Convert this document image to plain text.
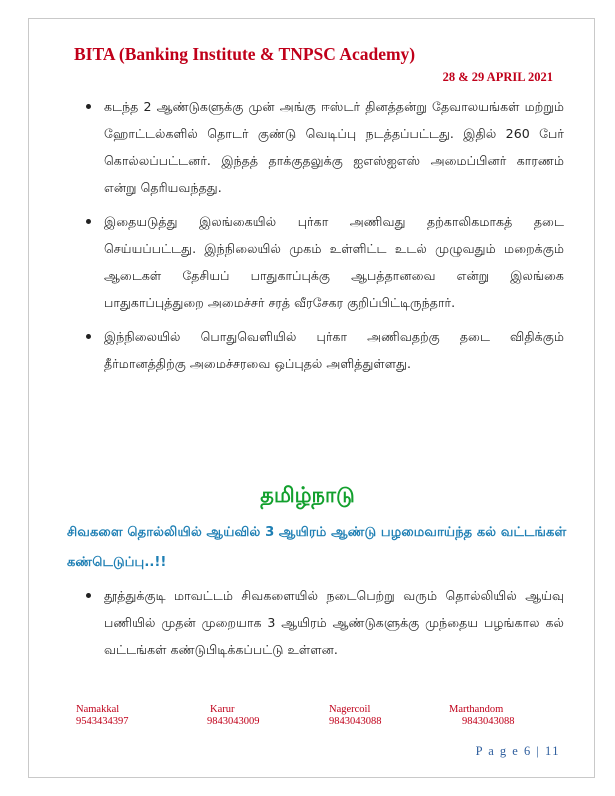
BITA (Banking Institute & TNPSC Academy)
28 & 29 APRIL 2021
கடந்த 2 ஆண்டுகளுக்கு முன் அங்கு ஈஸ்டர் தினத்தன்று தேவாலயங்கள் மற்றும் ஹோட்டல்களில் தொடர் குண்டு வெடிப்பு நடத்தப்பட்டது. இதில் 260 பேர் கொல்லப்பட்டனர். இந்தத் தாக்குதலுக்கு ஐஎஸ்ஐஎஸ் அமைப்பினர் காரணம் என்று தெரியவந்தது.
இதையடுத்து இலங்கையில் புர்கா அணிவது தற்காலிகமாகத் தடை செய்யப்பட்டது. இந்நிலையில் முகம் உள்ளிட்ட உடல் முழுவதும் மறைக்கும் ஆடைகள் தேசியப் பாதுகாப்புக்கு ஆபத்தானவை என்று இலங்கை பாதுகாப்புத்துறை அமைச்சர் சரத் வீரசேகர குறிப்பிட்டிருந்தார்.
இந்நிலையில் பொதுவெளியில் புர்கா அணிவதற்கு தடை விதிக்கும் தீர்மானத்திற்கு அமைச்சரவை ஒப்புதல் அளித்துள்ளது.
தமிழ்நாடு
சிவகளை தொல்லியில் ஆய்வில் 3 ஆயிரம் ஆண்டு பழமைவாய்ந்த கல் வட்டங்கள் கண்டெடுப்பு..!!
தூத்துக்குடி மாவட்டம் சிவகளையில் நடைபெற்று வரும் தொல்லியில் ஆய்வு பணியில் முதன் முறையாக 3 ஆயிரம் ஆண்டுகளுக்கு முந்தைய பழங்கால கல் வட்டங்கள் கண்டுபிடிக்கப்பட்டு உள்ளன.
Namakkal
9543434397
Karur
9843043009
Nagercoil
9843043088
Marthandom
9843043088
P a g e 6 | 11
